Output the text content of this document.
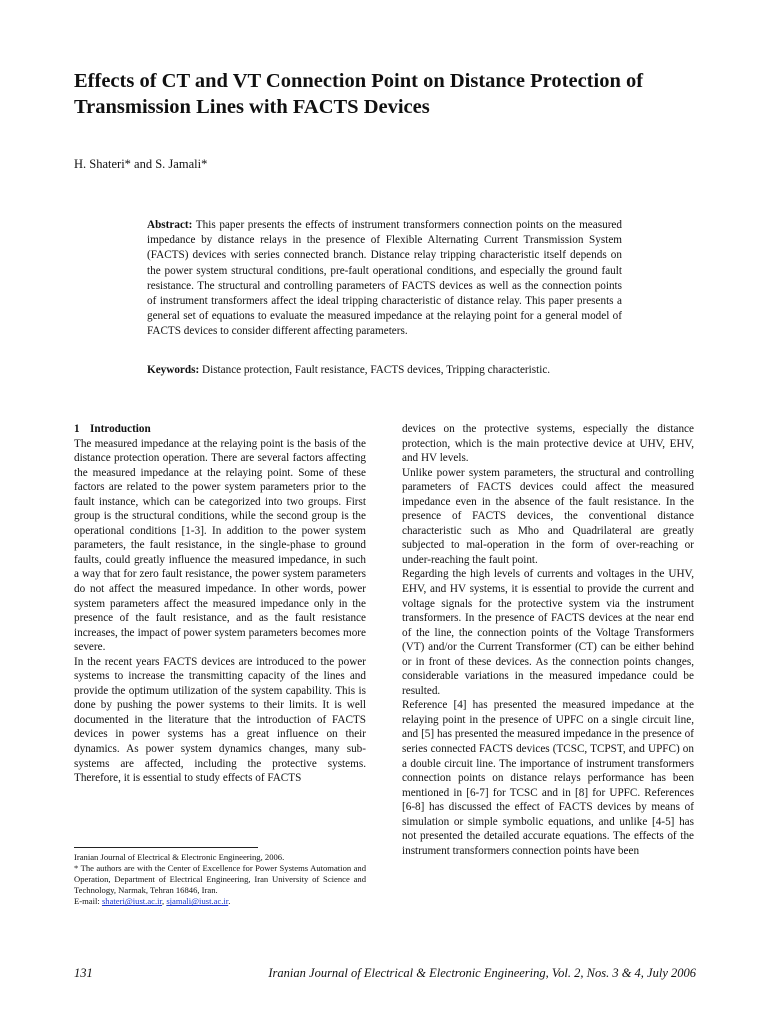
Effects of CT and VT Connection Point on Distance Protection of Transmission Lines with FACTS Devices
H. Shateri* and S. Jamali*

Abstract: This paper presents the effects of instrument transformers connection points on the measured impedance by distance relays in the presence of Flexible Alternating Current Transmission System (FACTS) devices with series connected branch. Distance relay tripping characteristic itself depends on the power system structural conditions, pre-fault operational conditions, and especially the ground fault resistance. The structural and controlling parameters of FACTS devices as well as the connection points of instrument transformers affect the ideal tripping characteristic of distance relay. This paper presents a general set of equations to evaluate the measured impedance at the relaying point for a general model of FACTS devices to consider different affecting parameters.

Keywords: Distance protection, Fault resistance, FACTS devices, Tripping characteristic.

1 Introduction

The measured impedance at the relaying point is the basis of the distance protection operation. There are several factors affecting the measured impedance at the relaying point. Some of these factors are related to the power system parameters prior to the fault instance, which can be categorized into two groups. First group is the structural conditions, while the second group is the operational conditions [1-3]. In addition to the power system parameters, the fault resistance, in the single-phase to ground faults, could greatly influence the measured impedance, in such a way that for zero fault resistance, the power system parameters do not affect the measured impedance. In other words, power system parameters affect the measured impedance only in the presence of the fault resistance, and as the fault resistance increases, the impact of power system parameters becomes more severe.

In the recent years FACTS devices are introduced to the power systems to increase the transmitting capacity of the lines and provide the optimum utilization of the system capability. This is done by pushing the power systems to their limits. It is well documented in the literature that the introduction of FACTS devices in power systems has a great influence on their dynamics. As power system dynamics changes, many sub-systems are affected, including the protective systems. Therefore, it is essential to study effects of FACTS

devices on the protective systems, especially the distance protection, which is the main protective device at UHV, EHV, and HV levels.

Unlike power system parameters, the structural and controlling parameters of FACTS devices could affect the measured impedance even in the absence of the fault resistance. In the presence of FACTS devices, the conventional distance characteristic such as Mho and Quadrilateral are greatly subjected to mal-operation in the form of over-reaching or under-reaching the fault point.

Regarding the high levels of currents and voltages in the UHV, EHV, and HV systems, it is essential to provide the current and voltage signals for the protective system via the instrument transformers. In the presence of FACTS devices at the near end of the line, the connection points of the Voltage Transformers (VT) and/or the Current Transformer (CT) can be either behind or in front of these devices. As the connection points changes, considerable variations in the measured impedance could be resulted.

Reference [4] has presented the measured impedance at the relaying point in the presence of UPFC on a single circuit line, and [5] has presented the measured impedance in the presence of series connected FACTS devices (TCSC, TCPST, and UPFC) on a double circuit line. The importance of instrument transformers connection points on distance relays performance has been mentioned in [6-7] for TCSC and in [8] for UPFC. References [6-8] has discussed the effect of FACTS devices by means of simulation or simple symbolic equations, and unlike [4-5] has not presented the detailed accurate equations. The effects of the instrument transformers connection points have been

Iranian Journal of Electrical & Electronic Engineering, 2006.

* The authors are with the Center of Excellence for Power Systems Automation and Operation, Department of Electrical Engineering, Iran University of Science and Technology, Narmak, Tehran 16846, Iran.

E-mail: shateri@iust.ac.ir, sjamali@iust.ac.ir.

131	Iranian Journal of Electrical & Electronic Engineering, Vol. 2, Nos. 3 & 4, July 2006
